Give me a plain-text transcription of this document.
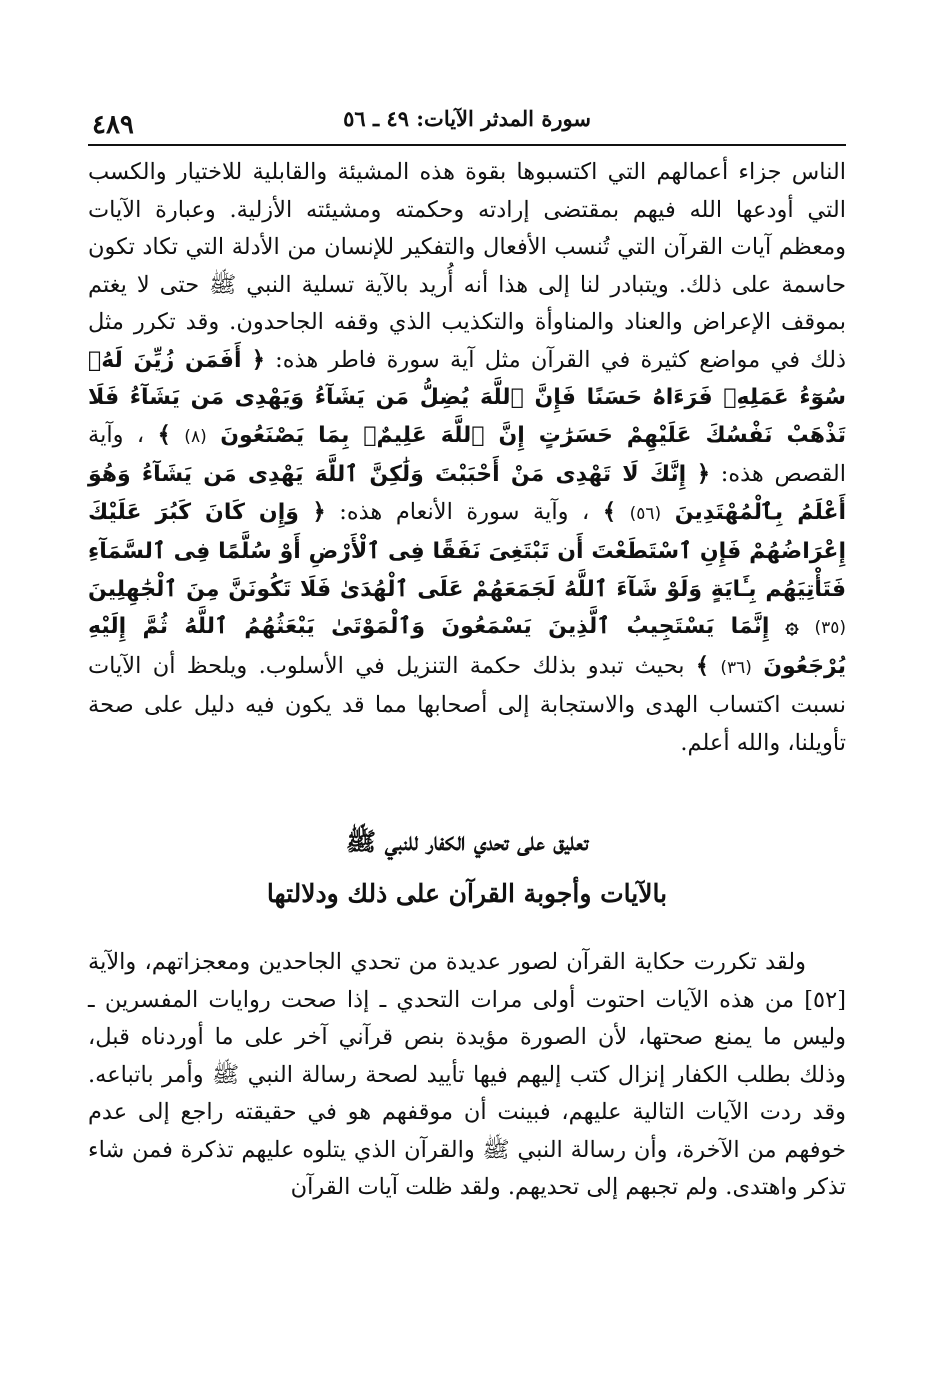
سورة المدثر الآيات: ٤٩ ـ ٥٦
٤٨٩

الناس جزاء أعمالهم التي اكتسبوها بقوة هذه المشيئة والقابلية للاختيار والكسب التي أودعها الله فيهم بمقتضى إرادته وحكمته ومشيئته الأزلية. وعبارة الآيات ومعظم آيات القرآن التي تُنسب الأفعال والتفكير للإنسان من الأدلة التي تكاد تكون حاسمة على ذلك. ويتبادر لنا إلى هذا أنه أُريد بالآية تسلية النبي ﷺ حتى لا يغتم بموقف الإعراض والعناد والمناوأة والتكذيب الذي وقفه الجاحدون. وقد تكرر مثل ذلك في مواضع كثيرة في القرآن مثل آية سورة فاطر هذه: ﴿ أَفَمَن زُيِّنَ لَهُۥ سُوٓءُ عَمَلِهِۦ فَرَءَاهُ حَسَنًا فَإِنَّ ٱللَّهَ يُضِلُّ مَن يَشَآءُ وَيَهْدِى مَن يَشَآءُ فَلَا تَذْهَبْ نَفْسُكَ عَلَيْهِمْ حَسَرَٰتٍ إِنَّ ٱللَّهَ عَلِيمٌۢ بِمَا يَصْنَعُونَ (٨) ﴾ ، وآية القصص هذه: ﴿ إِنَّكَ لَا تَهْدِى مَنْ أَحْبَبْتَ وَلَٰكِنَّ ٱللَّهَ يَهْدِى مَن يَشَآءُ وَهُوَ أَعْلَمُ بِٱلْمُهْتَدِينَ (٥٦) ﴾ ، وآية سورة الأنعام هذه: ﴿ وَإِن كَانَ كَبُرَ عَلَيْكَ إِعْرَاضُهُمْ فَإِنِ ٱسْتَطَعْتَ أَن تَبْتَغِىَ نَفَقًا فِى ٱلْأَرْضِ أَوْ سُلَّمًا فِى ٱلسَّمَآءِ فَتَأْتِيَهُم بِـَٔايَةٍ وَلَوْ شَآءَ ٱللَّهُ لَجَمَعَهُمْ عَلَى ٱلْهُدَىٰ فَلَا تَكُونَنَّ مِنَ ٱلْجَٰهِلِينَ (٣٥) ۞ إِنَّمَا يَسْتَجِيبُ ٱلَّذِينَ يَسْمَعُونَ وَٱلْمَوْتَىٰ يَبْعَثُهُمُ ٱللَّهُ ثُمَّ إِلَيْهِ يُرْجَعُونَ (٣٦) ﴾ بحيث تبدو بذلك حكمة التنزيل في الأسلوب. ويلحظ أن الآيات نسبت اكتساب الهدى والاستجابة إلى أصحابها مما قد يكون فيه دليل على صحة تأويلنا، والله أعلم.

تعليق على تحدي الكفار للنبي ﷺ
بالآيات وأجوبة القرآن على ذلك ودلالتها

ولقد تكررت حكاية القرآن لصور عديدة من تحدي الجاحدين ومعجزاتهم، والآية [٥٢] من هذه الآيات احتوت أولى مرات التحدي ـ إذا صحت روايات المفسرين ـ وليس ما يمنع صحتها، لأن الصورة مؤيدة بنص قرآني آخر على ما أوردناه قبل، وذلك بطلب الكفار إنزال كتب إليهم فيها تأييد لصحة رسالة النبي ﷺ وأمر باتباعه. وقد ردت الآيات التالية عليهم، فبينت أن موقفهم هو في حقيقته راجع إلى عدم خوفهم من الآخرة، وأن رسالة النبي ﷺ والقرآن الذي يتلوه عليهم تذكرة فمن شاء تذكر واهتدى. ولم تجبهم إلى تحديهم. ولقد ظلت آيات القرآن
